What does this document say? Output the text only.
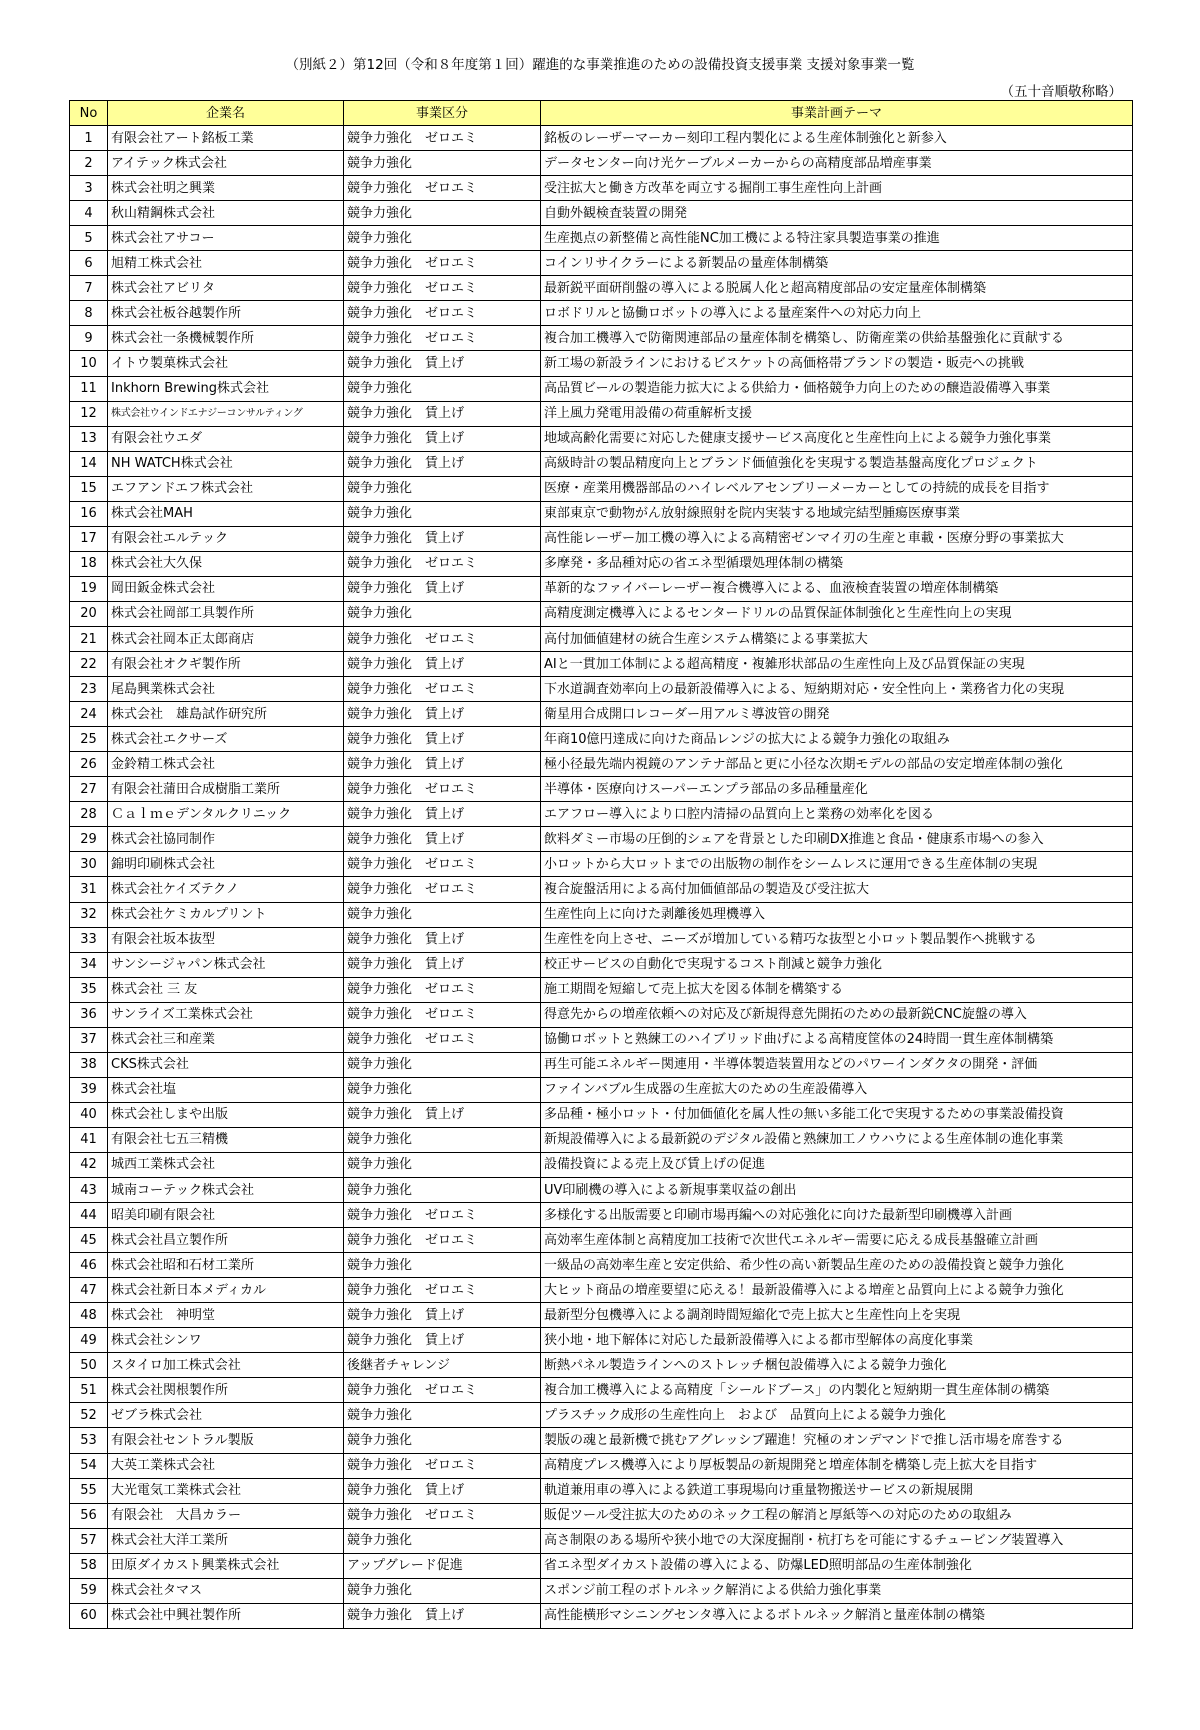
（別紙２）第12回（令和８年度第１回）躍進的な事業推進のための設備投資支援事業 支援対象事業一覧
（五十音順敬称略）
No	企業名	事業区分	事業計画テーマ
1	有限会社アート銘板工業	競争力強化　ゼロエミ	銘板のレーザーマーカー刻印工程内製化による生産体制強化と新参入
2	アイテック株式会社	競争力強化	データセンター向け光ケーブルメーカーからの高精度部品増産事業
3	株式会社明之興業	競争力強化　ゼロエミ	受注拡大と働き方改革を両立する掘削工事生産性向上計画
4	秋山精鋼株式会社	競争力強化	自動外観検査装置の開発
5	株式会社アサコー	競争力強化	生産拠点の新整備と高性能NC加工機による特注家具製造事業の推進
6	旭精工株式会社	競争力強化　ゼロエミ	コインリサイクラーによる新製品の量産体制構築
7	株式会社アビリタ	競争力強化　ゼロエミ	最新鋭平面研削盤の導入による脱属人化と超高精度部品の安定量産体制構築
8	株式会社板谷越製作所	競争力強化　ゼロエミ	ロボドリルと協働ロボットの導入による量産案件への対応力向上
9	株式会社一条機械製作所	競争力強化　ゼロエミ	複合加工機導入で防衛関連部品の量産体制を構築し、防衛産業の供給基盤強化に貢献する
10	イトウ製菓株式会社	競争力強化　賃上げ	新工場の新設ラインにおけるビスケットの高価格帯ブランドの製造・販売への挑戦
11	Inkhorn Brewing株式会社	競争力強化	高品質ビールの製造能力拡大による供給力・価格競争力向上のための醸造設備導入事業
12	株式会社ウインドエナジーコンサルティング	競争力強化　賃上げ	洋上風力発電用設備の荷重解析支援
13	有限会社ウエダ	競争力強化　賃上げ	地域高齢化需要に対応した健康支援サービス高度化と生産性向上による競争力強化事業
14	NH WATCH株式会社	競争力強化　賃上げ	高級時計の製品精度向上とブランド価値強化を実現する製造基盤高度化プロジェクト
15	エフアンドエフ株式会社	競争力強化	医療・産業用機器部品のハイレベルアセンブリーメーカーとしての持続的成長を目指す
16	株式会社MAH	競争力強化	東部東京で動物がん放射線照射を院内実装する地域完結型腫瘍医療事業
17	有限会社エルテック	競争力強化　賃上げ	高性能レーザー加工機の導入による高精密ゼンマイ刃の生産と車載・医療分野の事業拡大
18	株式会社大久保	競争力強化　ゼロエミ	多摩発・多品種対応の省エネ型循環処理体制の構築
19	岡田鈑金株式会社	競争力強化　賃上げ	革新的なファイバーレーザー複合機導入による、血液検査装置の増産体制構築
20	株式会社岡部工具製作所	競争力強化	高精度測定機導入によるセンタードリルの品質保証体制強化と生産性向上の実現
21	株式会社岡本正太郎商店	競争力強化　ゼロエミ	高付加価値建材の統合生産システム構築による事業拡大
22	有限会社オクギ製作所	競争力強化　賃上げ	AIと一貫加工体制による超高精度・複雑形状部品の生産性向上及び品質保証の実現
23	尾島興業株式会社	競争力強化　ゼロエミ	下水道調査効率向上の最新設備導入による、短納期対応・安全性向上・業務省力化の実現
24	株式会社　雄島試作研究所	競争力強化　賃上げ	衛星用合成開口レコーダー用アルミ導波管の開発
25	株式会社エクサーズ	競争力強化　賃上げ	年商10億円達成に向けた商品レンジの拡大による競争力強化の取組み
26	金鈴精工株式会社	競争力強化　賃上げ	極小径最先端内視鏡のアンテナ部品と更に小径な次期モデルの部品の安定増産体制の強化
27	有限会社蒲田合成樹脂工業所	競争力強化　ゼロエミ	半導体・医療向けスーパーエンプラ部品の多品種量産化
28	Ｃａｌｍｅデンタルクリニック	競争力強化　賃上げ	エアフロー導入により口腔内清掃の品質向上と業務の効率化を図る
29	株式会社協同制作	競争力強化　賃上げ	飲料ダミー市場の圧倒的シェアを背景とした印刷DX推進と食品・健康系市場への参入
30	錦明印刷株式会社	競争力強化　ゼロエミ	小ロットから大ロットまでの出版物の制作をシームレスに運用できる生産体制の実現
31	株式会社ケイズテクノ	競争力強化　ゼロエミ	複合旋盤活用による高付加価値部品の製造及び受注拡大
32	株式会社ケミカルプリント	競争力強化	生産性向上に向けた剥離後処理機導入
33	有限会社坂本抜型	競争力強化　賃上げ	生産性を向上させ、ニーズが増加している精巧な抜型と小ロット製品製作へ挑戦する
34	サンシージャパン株式会社	競争力強化　賃上げ	校正サービスの自動化で実現するコスト削減と競争力強化
35	株式会社 三 友	競争力強化　ゼロエミ	施工期間を短縮して売上拡大を図る体制を構築する
36	サンライズ工業株式会社	競争力強化　ゼロエミ	得意先からの増産依頼への対応及び新規得意先開拓のための最新鋭CNC旋盤の導入
37	株式会社三和産業	競争力強化　ゼロエミ	協働ロボットと熟練工のハイブリッド曲げによる高精度筐体の24時間一貫生産体制構築
38	CKS株式会社	競争力強化	再生可能エネルギー関連用・半導体製造装置用などのパワーインダクタの開発・評価
39	株式会社塩	競争力強化	ファインバブル生成器の生産拡大のための生産設備導入
40	株式会社しまや出版	競争力強化　賃上げ	多品種・極小ロット・付加価値化を属人性の無い多能工化で実現するための事業設備投資
41	有限会社七五三精機	競争力強化	新規設備導入による最新鋭のデジタル設備と熟練加工ノウハウによる生産体制の進化事業
42	城西工業株式会社	競争力強化	設備投資による売上及び賃上げの促進
43	城南コーテック株式会社	競争力強化	UV印刷機の導入による新規事業収益の創出
44	昭美印刷有限会社	競争力強化　ゼロエミ	多様化する出版需要と印刷市場再編への対応強化に向けた最新型印刷機導入計画
45	株式会社昌立製作所	競争力強化　ゼロエミ	高効率生産体制と高精度加工技術で次世代エネルギー需要に応える成長基盤確立計画
46	株式会社昭和石材工業所	競争力強化	一級品の高効率生産と安定供給、希少性の高い新製品生産のための設備投資と競争力強化
47	株式会社新日本メディカル	競争力強化　ゼロエミ	大ヒット商品の増産要望に応える！最新設備導入による増産と品質向上による競争力強化
48	株式会社　神明堂	競争力強化　賃上げ	最新型分包機導入による調剤時間短縮化で売上拡大と生産性向上を実現
49	株式会社シンワ	競争力強化　賃上げ	狭小地・地下解体に対応した最新設備導入による都市型解体の高度化事業
50	スタイロ加工株式会社	後継者チャレンジ	断熱パネル製造ラインへのストレッチ梱包設備導入による競争力強化
51	株式会社関根製作所	競争力強化　ゼロエミ	複合加工機導入による高精度「シールドブース」の内製化と短納期一貫生産体制の構築
52	ゼブラ株式会社	競争力強化	プラスチック成形の生産性向上　および　品質向上による競争力強化
53	有限会社セントラル製版	競争力強化	製版の魂と最新機で挑むアグレッシブ躍進！究極のオンデマンドで推し活市場を席巻する
54	大英工業株式会社	競争力強化　ゼロエミ	高精度プレス機導入により厚板製品の新規開発と増産体制を構築し売上拡大を目指す
55	大光電気工業株式会社	競争力強化　賃上げ	軌道兼用車の導入による鉄道工事現場向け重量物搬送サービスの新規展開
56	有限会社　大昌カラー	競争力強化　ゼロエミ	販促ツール受注拡大のためのネック工程の解消と厚紙等への対応のための取組み
57	株式会社大洋工業所	競争力強化	高さ制限のある場所や狭小地での大深度掘削・杭打ちを可能にするチュービング装置導入
58	田原ダイカスト興業株式会社	アップグレード促進	省エネ型ダイカスト設備の導入による、防爆LED照明部品の生産体制強化
59	株式会社タマス	競争力強化	スポンジ前工程のボトルネック解消による供給力強化事業
60	株式会社中興社製作所	競争力強化　賃上げ	高性能横形マシニングセンタ導入によるボトルネック解消と量産体制の構築
